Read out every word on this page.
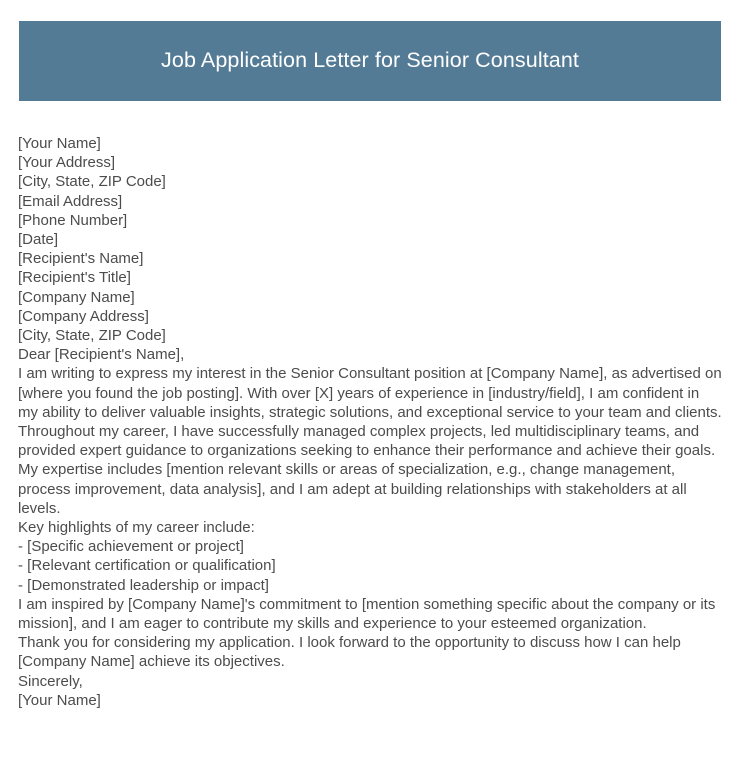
Job Application Letter for Senior Consultant
[Your Name]
[Your Address]
[City, State, ZIP Code]
[Email Address]
[Phone Number]
[Date]
[Recipient's Name]
[Recipient's Title]
[Company Name]
[Company Address]
[City, State, ZIP Code]
Dear [Recipient's Name],
I am writing to express my interest in the Senior Consultant position at [Company Name], as advertised on [where you found the job posting]. With over [X] years of experience in [industry/field], I am confident in my ability to deliver valuable insights, strategic solutions, and exceptional service to your team and clients.
Throughout my career, I have successfully managed complex projects, led multidisciplinary teams, and provided expert guidance to organizations seeking to enhance their performance and achieve their goals. My expertise includes [mention relevant skills or areas of specialization, e.g., change management, process improvement, data analysis], and I am adept at building relationships with stakeholders at all levels.
Key highlights of my career include:
- [Specific achievement or project]
- [Relevant certification or qualification]
- [Demonstrated leadership or impact]
I am inspired by [Company Name]'s commitment to [mention something specific about the company or its mission], and I am eager to contribute my skills and experience to your esteemed organization.
Thank you for considering my application. I look forward to the opportunity to discuss how I can help [Company Name] achieve its objectives.
Sincerely,
[Your Name]
